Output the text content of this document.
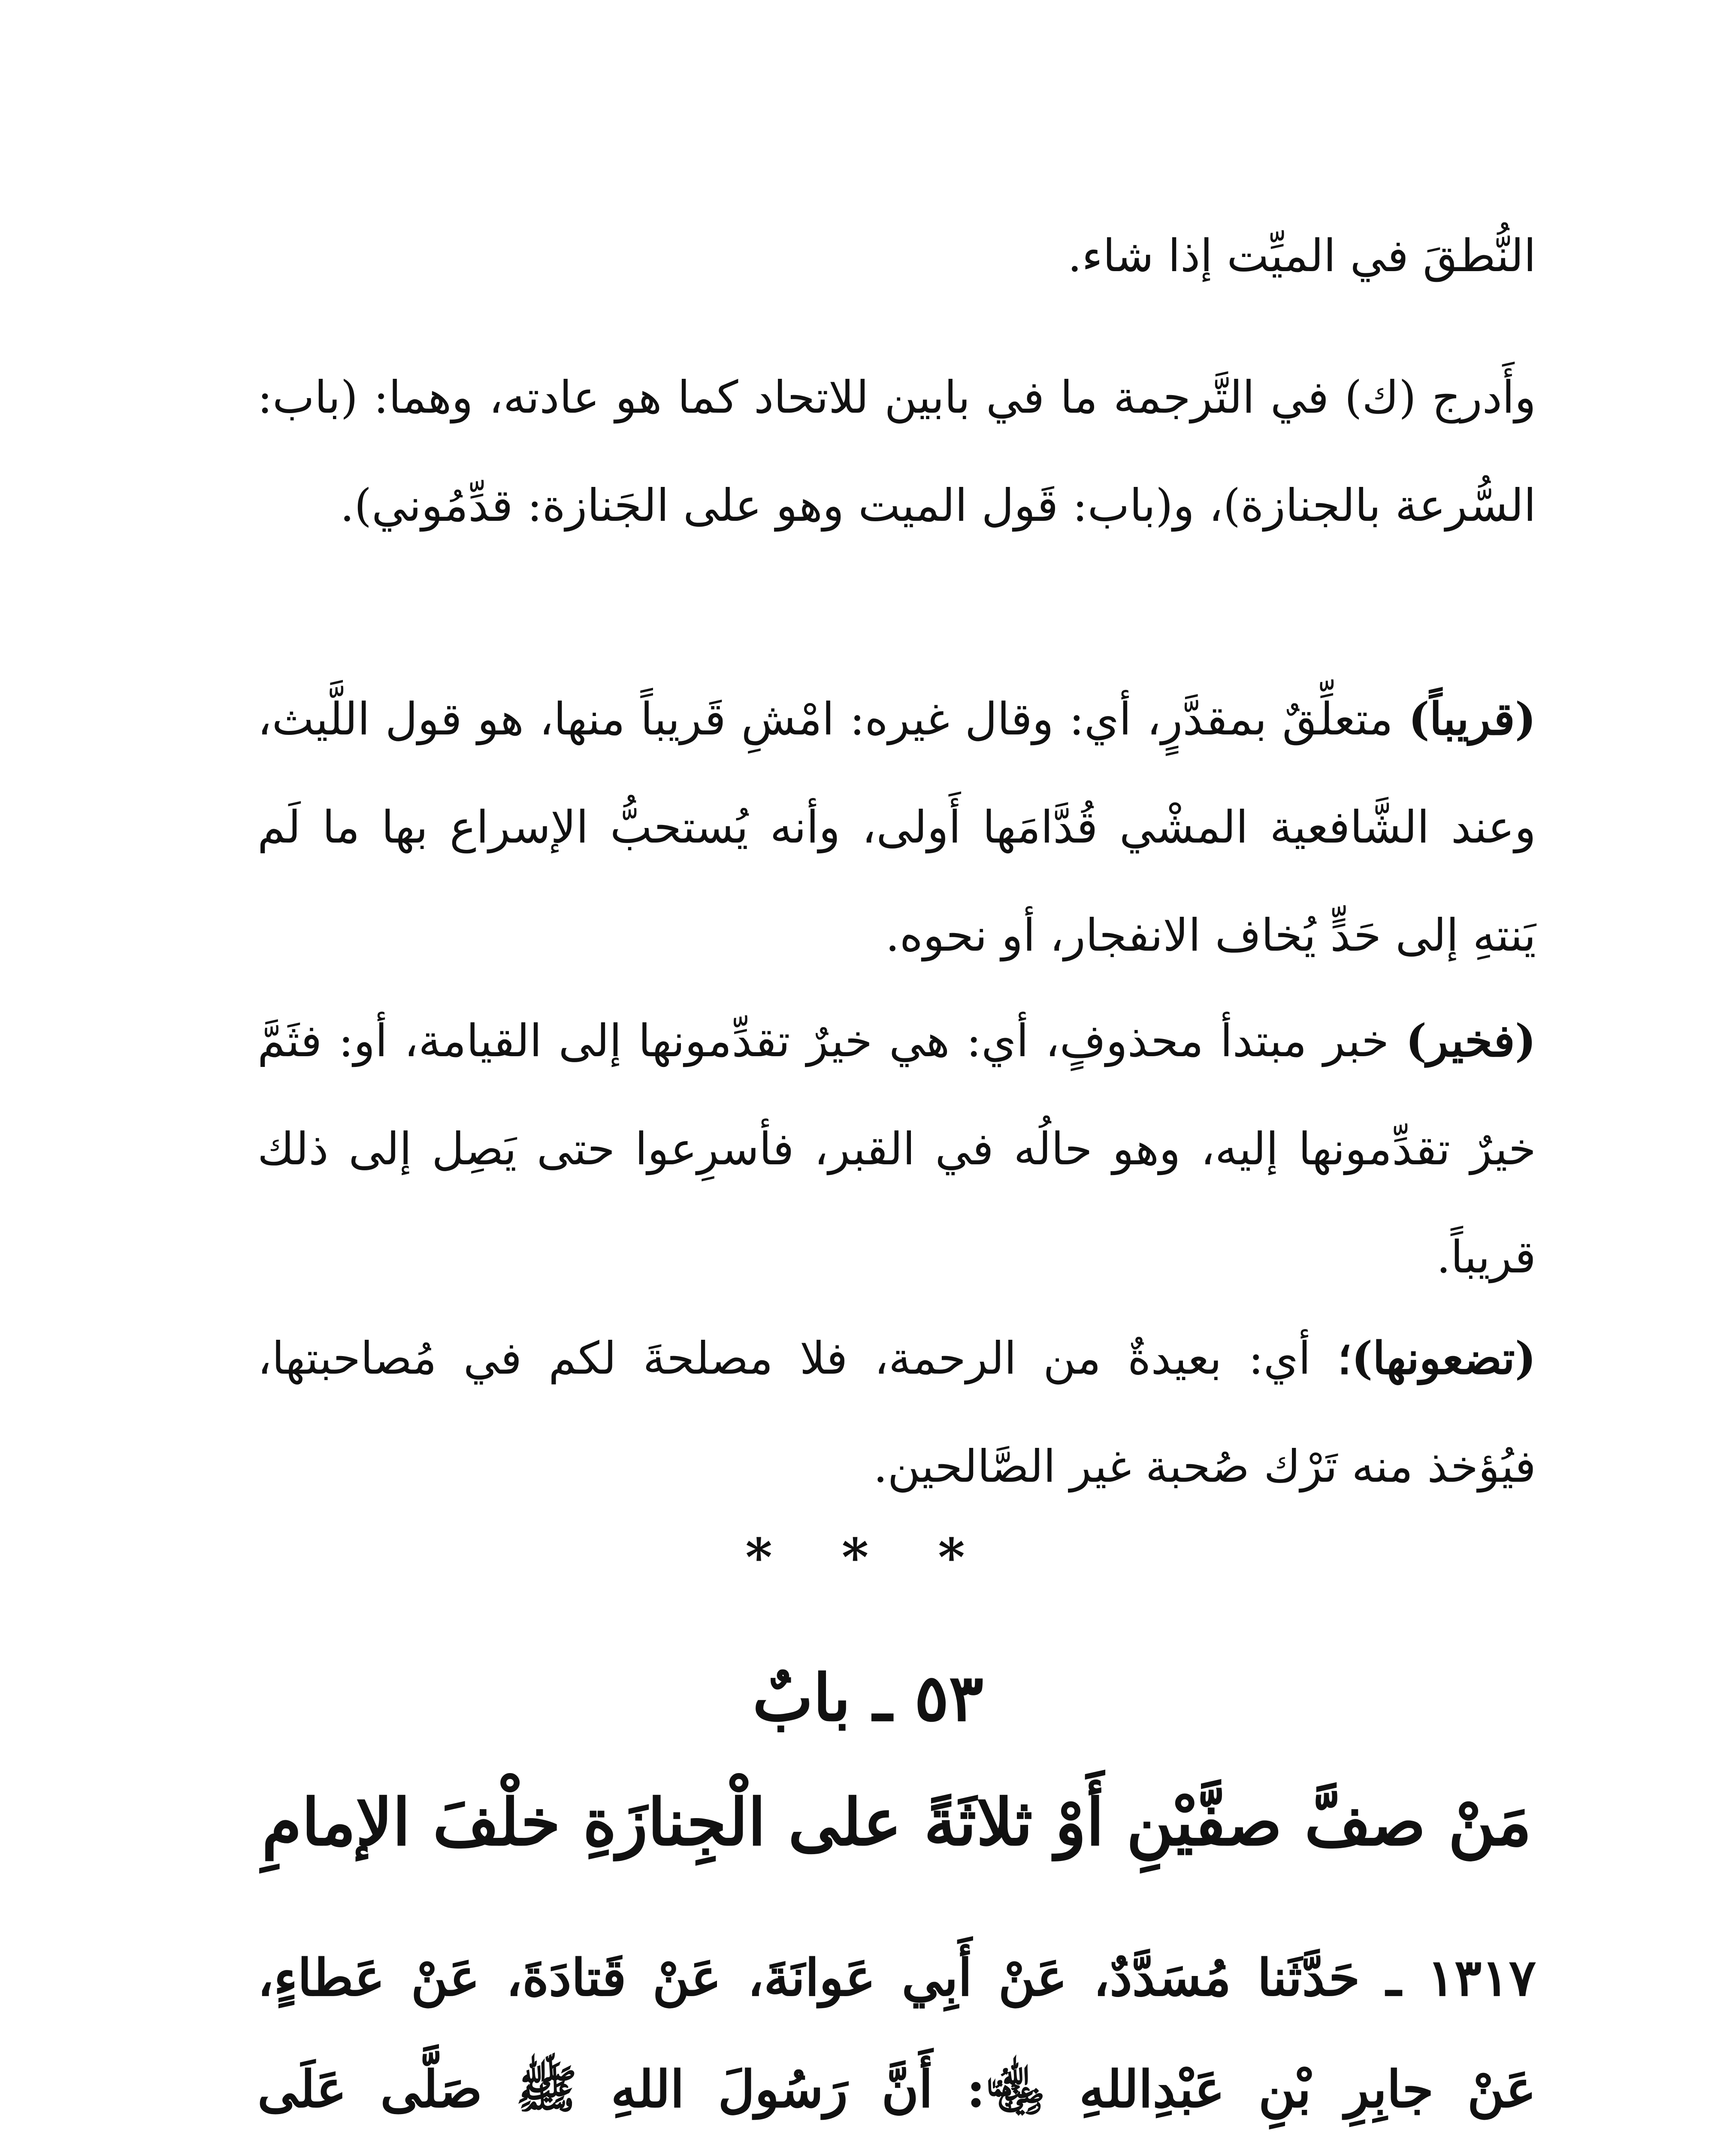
النُّطقَ في الميِّت إذا شاء.

وأَدرج (ك) في التَّرجمة ما في بابين للاتحاد كما هو عادته، وهما: (باب: السُّرعة بالجنازة)، و(باب: قَول الميت وهو على الجَنازة: قدِّمُوني).

(قريباً) متعلِّقٌ بمقدَّرٍ، أي: وقال غيره: امْشِ قَريباً منها، هو قول اللَّيث، وعند الشَّافعية المشْي قُدَّامَها أَولى، وأنه يُستحبُّ الإسراع بها ما لَم يَنتهِ إلى حَدٍّ يُخاف الانفجار، أو نحوه.

(فخير) خبر مبتدأ محذوفٍ، أي: هي خيرٌ تقدِّمونها إلى القيامة، أو: فثَمَّ خيرٌ تقدِّمونها إليه، وهو حالُه في القبر، فأسرِعوا حتى يَصِل إلى ذلك قريباً.

(تضعونها)؛ أي: بعيدةٌ من الرحمة، فلا مصلحةَ لكم في مُصاحبتها، فيُؤخذ منه تَرْك صُحبة غير الصَّالحين.

* * *
٥٣ ـ بابٌ
مَنْ صفَّ صفَّيْنِ أَوْ ثلاثَةً على الْجِنازَةِ خلْفَ الإمامِ

١٣١٧ ـ حَدَّثَنا مُسَدَّدٌ، عَنْ أَبِي عَوانَةَ، عَنْ قَتادَةَ، عَنْ عَطاءٍ، عَنْ جابِرِ بْنِ عَبْدِاللهِ ﵄: أَنَّ رَسُولَ اللهِ ﷺ صَلَّى عَلَى
